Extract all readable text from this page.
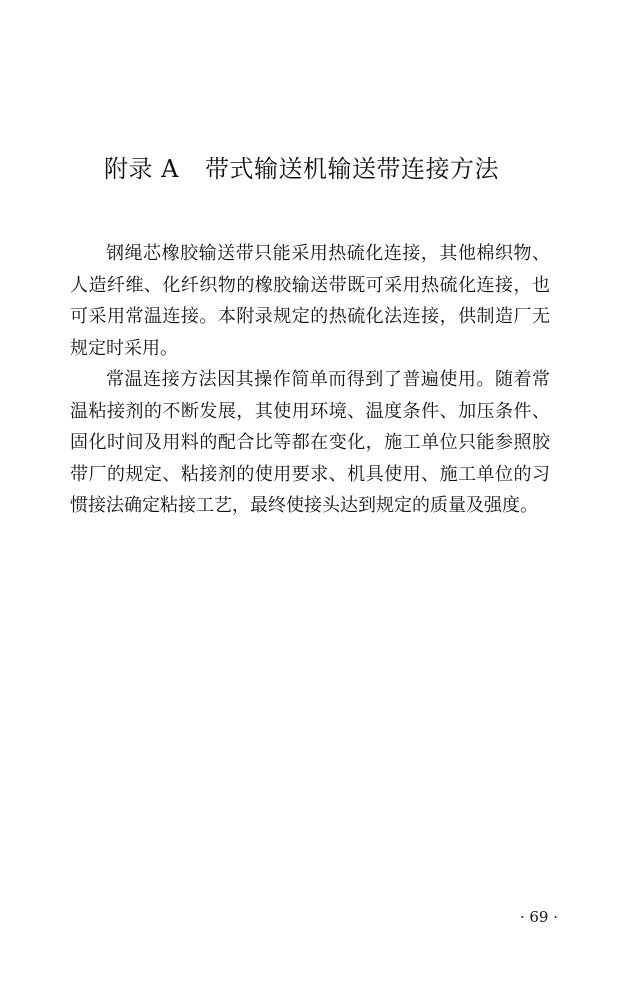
附录 A 带式输送机输送带连接方法

钢绳芯橡胶输送带只能采用热硫化连接，其他棉织物、人造纤维、化纤织物的橡胶输送带既可采用热硫化连接，也可采用常温连接。本附录规定的热硫化法连接，供制造厂无规定时采用。

常温连接方法因其操作简单而得到了普遍使用。随着常温粘接剂的不断发展，其使用环境、温度条件、加压条件、固化时间及用料的配合比等都在变化，施工单位只能参照胶带厂的规定、粘接剂的使用要求、机具使用、施工单位的习惯接法确定粘接工艺，最终使接头达到规定的质量及强度。

· 69 ·
